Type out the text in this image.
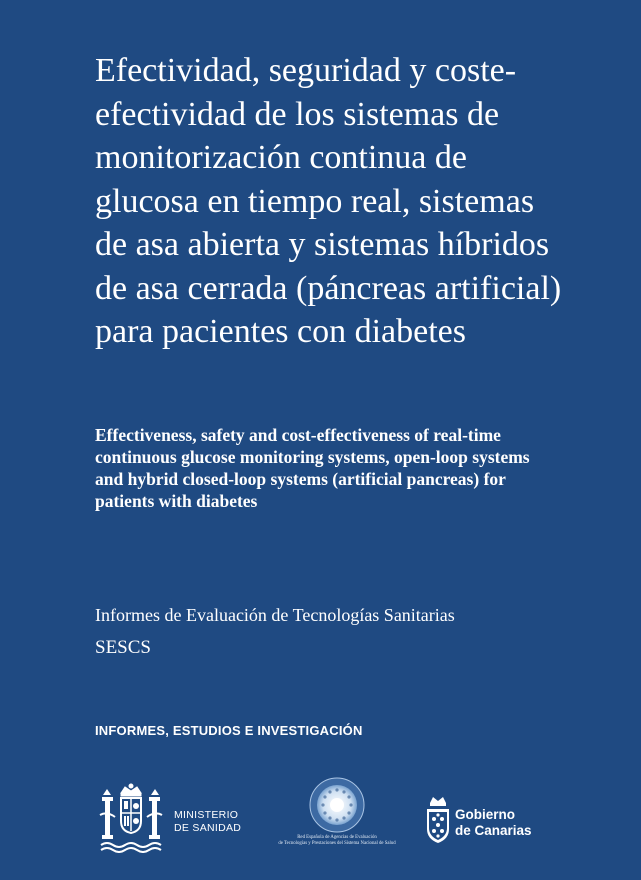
Efectividad, seguridad y coste-efectividad de los sistemas de monitorización continua de glucosa en tiempo real, sistemas de asa abierta y sistemas híbridos de asa cerrada (páncreas artificial) para pacientes con diabetes
Effectiveness, safety and cost-effectiveness of real-time continuous glucose monitoring systems, open-loop systems and hybrid closed-loop systems (artificial pancreas) for patients with diabetes

Informes de Evaluación de Tecnologías Sanitarias

SESCS

INFORMES, ESTUDIOS E INVESTIGACIÓN

MINISTERIO
DE SANIDAD
Red Española de Agencias de Evaluación
de Tecnologías y Prestaciones del Sistema Nacional de Salud
Gobierno
de Canarias
